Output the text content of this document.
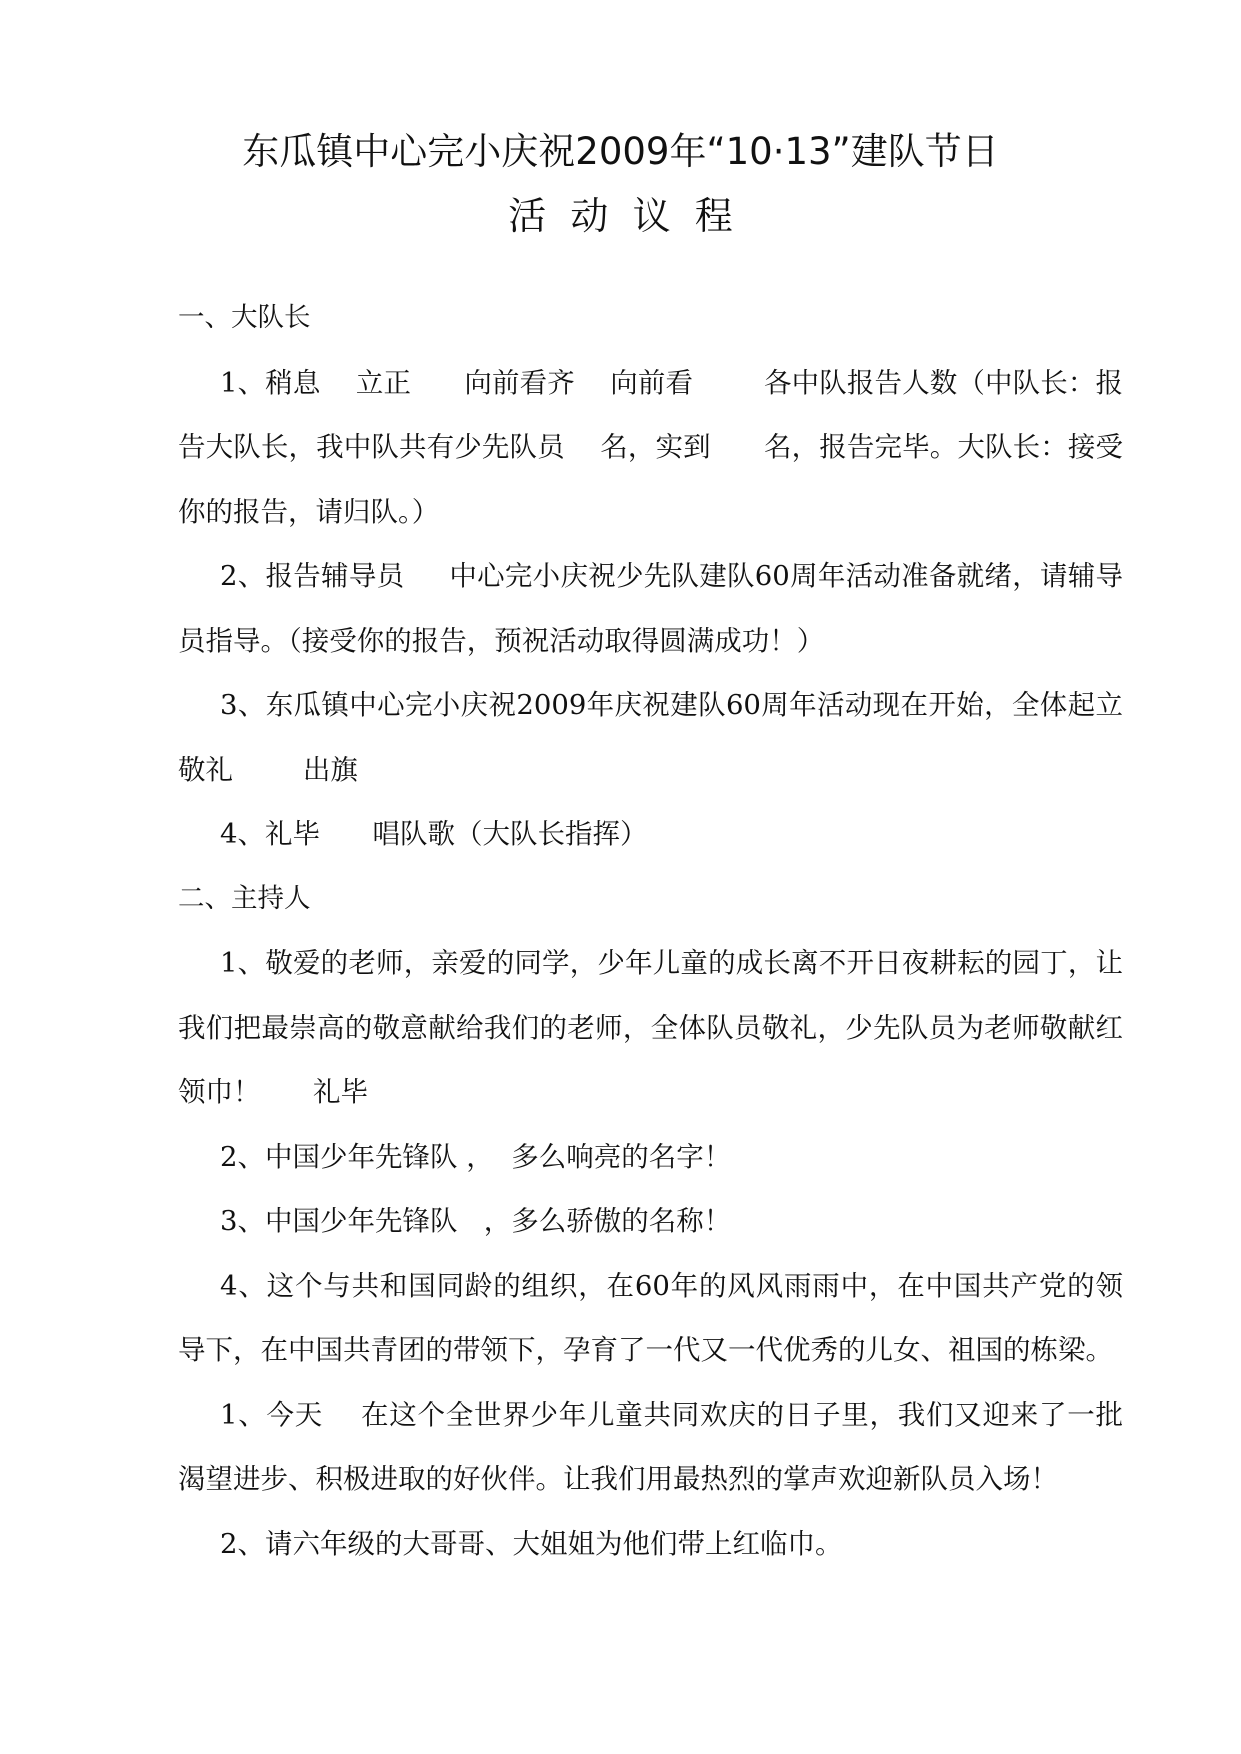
东瓜镇中心完小庆祝2009年“10·13”建队节日
活  动  议  程

一、大队长

1、稍息    立正      向前看齐    向前看        各中队报告人数（中队长：报告大队长，我中队共有少先队员    名，实到      名，报告完毕。大队长：接受你的报告，请归队。）

2、报告辅导员     中心完小庆祝少先队建队60周年活动准备就绪，请辅导员指导。（接受你的报告，预祝活动取得圆满成功！）

3、东瓜镇中心完小庆祝2009年庆祝建队60周年活动现在开始，全体起立    敬礼        出旗

4、礼毕      唱队歌（大队长指挥）

二、主持人

1、敬爱的老师，亲爱的同学，少年儿童的成长离不开日夜耕耘的园丁，让我们把最崇高的敬意献给我们的老师，全体队员敬礼，少先队员为老师敬献红领巾！      礼毕

2、中国少年先锋队 ，  多么响亮的名字！

3、中国少年先锋队   ，多么骄傲的名称！

4、这个与共和国同龄的组织，在60年的风风雨雨中，在中国共产党的领导下，在中国共青团的带领下，孕育了一代又一代优秀的儿女、祖国的栋梁。

1、今天    在这个全世界少年儿童共同欢庆的日子里，我们又迎来了一批渴望进步、积极进取的好伙伴。让我们用最热烈的掌声欢迎新队员入场！

2、请六年级的大哥哥、大姐姐为他们带上红临巾。
